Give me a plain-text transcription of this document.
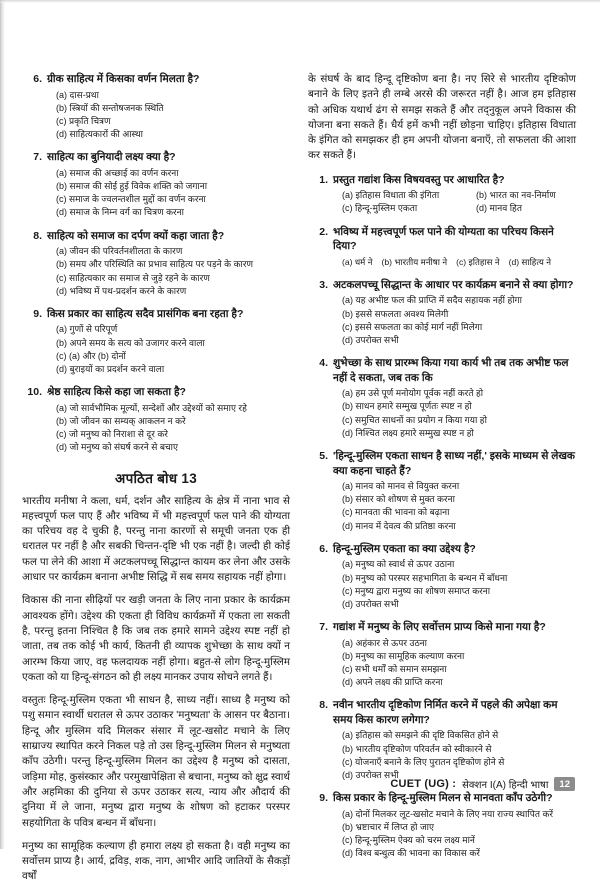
6. ग्रीक साहित्य में किसका वर्णन मिलता है?

(a) दास-प्रथा
(b) स्त्रियों की सन्तोषजनक स्थिति
(c) प्रकृति चित्रण
(d) साहित्यकारों की आस्था
7. साहित्य का बुनियादी लक्ष्य क्या है?

(a) समाज की अच्छाई का वर्णन करना
(b) समाज की सोई हुई विवेक शक्ति को जगाना
(c) समाज के ज्वलन्तशील मुद्दों का वर्णन करना
(d) समाज के निम्न वर्ग का चित्रण करना
8. साहित्य को समाज का दर्पण क्यों कहा जाता है?

(a) जीवन की परिवर्तनशीलता के कारण
(b) समय और परिस्थिति का प्रभाव साहित्य पर पड़ने के कारण
(c) साहित्यकार का समाज से जुड़े रहने के कारण
(d) भविष्य में पथ-प्रदर्शन करने के कारण
9. किस प्रकार का साहित्य सदैव प्रासंगिक बना रहता है?

(a) गुणों से परिपूर्ण
(b) अपने समय के सत्य को उजागर करने वाला
(c) (a) और (b) दोनों
(d) बुराइयों का प्रदर्शन करने वाला
10. श्रेष्ठ साहित्य किसे कहा जा सकता है?

(a) जो सार्वभौमिक मूल्यों, सन्देशों और उद्देश्यों को समाए रहे
(b) जो जीवन का सम्यक् आकलन न करे
(c) जो मनुष्य को निराशा से दूर करे
(d) जो मनुष्य को संघर्ष करने से बचाए
अपठित बोध 13

भारतीय मनीषा ने कला, धर्म, दर्शन और साहित्य के क्षेत्र में नाना भाव से महत्त्वपूर्ण फल पाए हैं और भविष्य में भी महत्त्वपूर्ण फल पाने की योग्यता का परिचय वह दे चुकी है, परन्तु नाना कारणों से समूची जनता एक ही धरातल पर नहीं है और सबकी चिन्तन-दृष्टि भी एक नहीं है। जल्दी ही कोई फल पा लेने की आशा में अटकलपच्चू सिद्धान्त कायम कर लेना और उसके आधार पर कार्यक्रम बनाना अभीष्ट सिद्धि में सब समय सहायक नहीं होगा।

विकास की नाना सीढ़ियों पर खड़ी जनता के लिए नाना प्रकार के कार्यक्रम आवश्यक होंगे। उद्देश्य की एकता ही विविध कार्यक्रमों में एकता ला सकती है, परन्तु इतना निश्चित है कि जब तक हमारे सामने उद्देश्य स्पष्ट नहीं हो जाता, तब तक कोई भी कार्य, कितनी ही व्यापक शुभेच्छा के साथ क्यों न आरम्भ किया जाए, वह फलदायक नहीं होगा। बहुत-से लोग हिन्दू-मुस्लिम एकता को या हिन्दू-संगठन को ही लक्ष्य मानकर उपाय सोचने लगते हैं।

वस्तुतः हिन्दू-मुस्लिम एकता भी साधन है, साध्य नहीं। साध्य है मनुष्य को पशु समान स्वार्थी धरातल से ऊपर उठाकर 'मनुष्यता' के आसन पर बैठाना। हिन्दू और मुस्लिम यदि मिलकर संसार में लूट-खसोट मचाने के लिए साम्राज्य स्थापित करने निकल पड़े तो उस हिन्दू-मुस्लिम मिलन से मनुष्यता काँप उठेगी। परन्तु हिन्दू-मुस्लिम मिलन का उद्देश्य है मनुष्य को दासता, जड़िमा मोह, कुसंस्कार और परमुखापेक्षिता से बचाना, मनुष्य को क्षुद्र स्वार्थ और अहमिका की दुनिया से ऊपर उठाकर सत्य, न्याय और औदार्य की दुनिया में ले जाना, मनुष्य द्वारा मनुष्य के शोषण को हटाकर परस्पर सहयोगिता के पवित्र बन्धन में बाँधना।

मनुष्य का सामूहिक कल्याण ही हमारा लक्ष्य हो सकता है। वही मनुष्य का सर्वोत्तम प्राप्य है। आर्य, द्रविड़, शक, नाग, आभीर आदि जातियों के सैकड़ों वर्षों

के संघर्ष के बाद हिन्दू दृष्टिकोण बना है। नए सिरे से भारतीय दृष्टिकोण बनाने के लिए इतने ही लम्बे अरसे की जरूरत नहीं है। आज हम इतिहास को अधिक यथार्थ ढंग से समझ सकते हैं और तद्नुकूल अपने विकास की योजना बना सकते हैं। धैर्य हमें कभी नहीं छोड़ना चाहिए। इतिहास विधाता के इंगित को समझकर ही हम अपनी योजना बनाएँ, तो सफलता की आशा कर सकते हैं।

1. प्रस्तुत गद्यांश किस विषयवस्तु पर आधारित है?

(a) इतिहास विधाता की इंगिता	(b) भारत का नव-निर्माण
(c) हिन्दू-मुस्लिम एकता	(d) मानव हित
2. भविष्य में महत्त्वपूर्ण फल पाने की योग्यता का परिचय किसने दिया?

(a) धर्म ने (b) भारतीय मनीषा ने (c) इतिहास ने (d) साहित्य ने
3. अटकलपच्चू सिद्धान्त के आधार पर कार्यक्रम बनाने से क्या होगा?

(a) यह अभीष्ट फल की प्राप्ति में सदैव सहायक नहीं होगा
(b) इससे सफलता अवश्य मिलेगी
(c) इससे सफलता का कोई मार्ग नहीं मिलेगा
(d) उपरोक्त सभी
4. शुभेच्छा के साथ प्रारम्भ किया गया कार्य भी तब तक अभीष्ट फल नहीं दे सकता, जब तक कि

(a) हम उसे पूर्ण मनोयोग पूर्वक नहीं करते हो
(b) साधन हमारे सम्मुख पूर्णतः स्पष्ट न हो
(c) समुचित साधनों का प्रयोग न किया गया हो
(d) निश्चित लक्ष्य हमारे सम्मुख स्पष्ट न हो
5. 'हिन्दू-मुस्लिम एकता साधन है साध्य नहीं,' इसके माध्यम से लेखक क्या कहना चाहते हैं?

(a) मानव को मानव से वियुक्त करना
(b) संसार को शोषण से मुक्त करना
(c) मानवता की भावना को बढ़ाना
(d) मानव में देवत्व की प्रतिष्ठा करना
6. हिन्दू-मुस्लिम एकता का क्या उद्देश्य है?

(a) मनुष्य को स्वार्थ से ऊपर उठाना
(b) मनुष्य को परस्पर सहभागिता के बन्धन में बाँधना
(c) मनुष्य द्वारा मनुष्य का शोषण समाप्त करना
(d) उपरोक्त सभी
7. गद्यांश में मनुष्य के लिए सर्वोत्तम प्राप्य किसे माना गया है?

(a) अहंकार से ऊपर उठना
(b) मनुष्य का सामूहिक कल्याण करना
(c) सभी धर्मों को समान समझना
(d) अपने लक्ष्य की प्राप्ति करना
8. नवीन भारतीय दृष्टिकोण निर्मित करने में पहले की अपेक्षा कम समय किस कारण लगेगा?

(a) इतिहास को समझने की दृष्टि विकसित होने से
(b) भारतीय दृष्टिकोण परिवर्तन को स्वीकारने से
(c) योजनाएँ बनाने के लिए पुरातन दृष्टिकोण होने से
(d) उपरोक्त सभी
9. किस प्रकार के हिन्दू-मुस्लिम मिलन से मानवता काँप उठेगी?

(a) दोनों मिलकर लूट-खसोट मचाने के लिए नया राज्य स्थापित करें
(b) भ्रष्टाचार में लिप्त हो जाए
(c) हिन्दू-मुस्लिम ऐक्य को चरम लक्ष्य मानें
(d) विश्व बन्धुत्व की भावना का विकास करें
CUET (UG) : सेक्शन I(A) हिन्दी भाषा	12
